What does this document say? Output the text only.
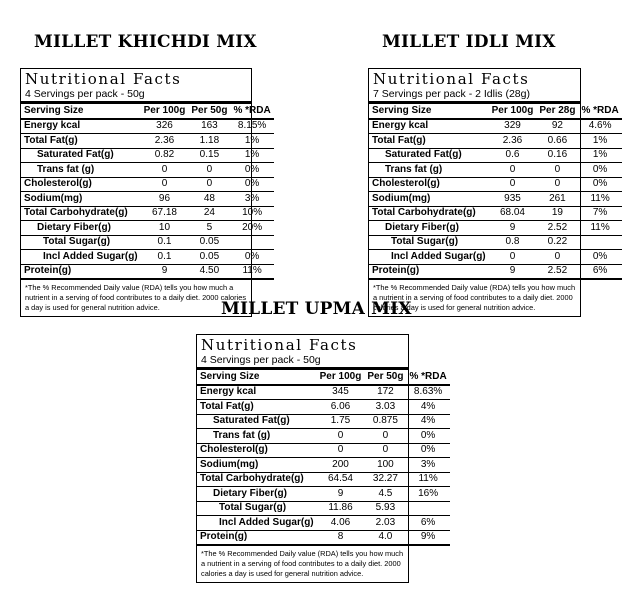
MILLET KHICHDI MIX
Nutritional Facts
4 Servings per pack - 50g
Serving Size	Per 100g	Per 50g	% *RDA
Energy kcal	326	163	8.15%
Total Fat(g)	2.36	1.18	1%
Saturated Fat(g)	0.82	0.15	1%
Trans fat (g)	0	0	0%
Cholesterol(g)	0	0	0%
Sodium(mg)	96	48	3%
Total Carbohydrate(g)	67.18	24	10%
Dietary Fiber(g)	10	5	20%
Total Sugar(g)	0.1	0.05	
Incl Added Sugar(g)	0.1	0.05	0%
Protein(g)	9	4.50	11%
*The % Recommended Daily value (RDA) tells you how much a nutrient in a serving of food contributes to a daily diet. 2000 calories a day is used for general nutrition advice.
MILLET IDLI MIX
Nutritional Facts
7 Servings per pack - 2 Idlis (28g)
Serving Size	Per 100g	Per 28g	% *RDA
Energy kcal	329	92	4.6%
Total Fat(g)	2.36	0.66	1%
Saturated Fat(g)	0.6	0.16	1%
Trans fat (g)	0	0	0%
Cholesterol(g)	0	0	0%
Sodium(mg)	935	261	11%
Total Carbohydrate(g)	68.04	19	7%
Dietary Fiber(g)	9	2.52	11%
Total Sugar(g)	0.8	0.22	
Incl Added Sugar(g)	0	0	0%
Protein(g)	9	2.52	6%
*The % Recommended Daily value (RDA) tells you how much a nutrient in a serving of food contributes to a daily diet. 2000 calories a day is used for general nutrition advice.
MILLET UPMA MIX
Nutritional Facts
4 Servings per pack - 50g
Serving Size	Per 100g	Per 50g	% *RDA
Energy kcal	345	172	8.63%
Total Fat(g)	6.06	3.03	4%
Saturated Fat(g)	1.75	0.875	4%
Trans fat (g)	0	0	0%
Cholesterol(g)	0	0	0%
Sodium(mg)	200	100	3%
Total Carbohydrate(g)	64.54	32.27	11%
Dietary Fiber(g)	9	4.5	16%
Total Sugar(g)	11.86	5.93	
Incl Added Sugar(g)	4.06	2.03	6%
Protein(g)	8	4.0	9%
*The % Recommended Daily value (RDA) tells you how much a nutrient in a serving of food contributes to a daily diet. 2000 calories a day is used for general nutrition advice.
